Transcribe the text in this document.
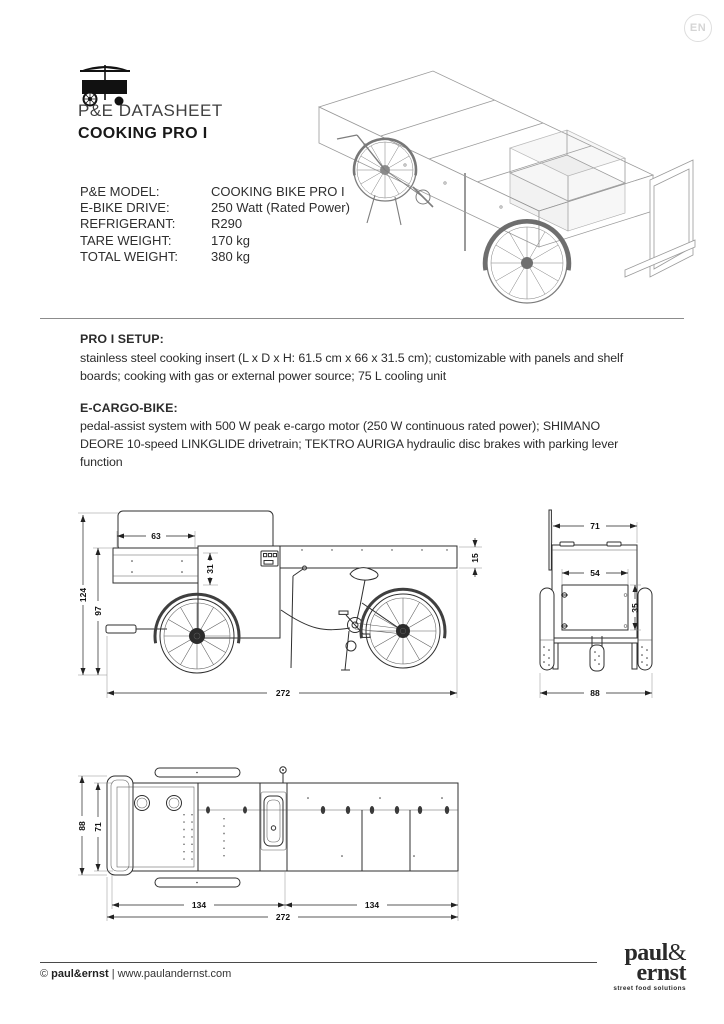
EN
P&E DATASHEET
COOKING PRO I
P&E MODEL:	COOKING BIKE PRO I
E-BIKE DRIVE:	250 Watt (Rated Power)
REFRIGERANT:	R290
TARE WEIGHT:	170 kg
TOTAL WEIGHT:	380 kg
PRO I SETUP:

stainless steel cooking insert (L x D x H: 61.5 cm x 66 x 31.5 cm); customizable with panels and shelf boards; cooking with gas or external power source; 75 L cooling unit

E-CARGO-BIKE:

pedal-assist system with 500 W peak e-cargo motor (250 W continuous rated power); SHIMANO DEORE 10-speed LINKGLIDE drivetrain; TEKTRO AURIGA hydraulic disc brakes with parking lever function

124
97
63
31
15
272
71
54
35
88
88 71
134	134
272
© paul&ernst | www.paulandernst.com
paul&
ernst
street food solutions
